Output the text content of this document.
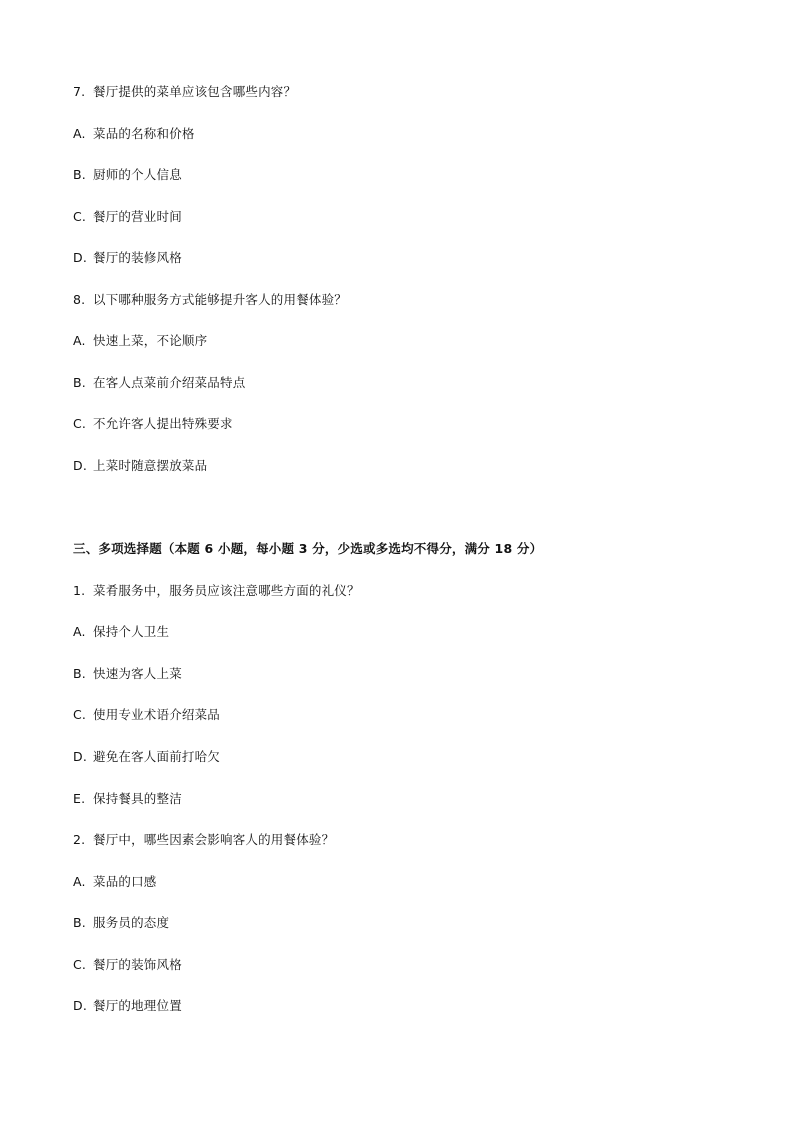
7. 餐厅提供的菜单应该包含哪些内容？
A. 菜品的名称和价格
B. 厨师的个人信息
C. 餐厅的营业时间
D. 餐厅的装修风格
8. 以下哪种服务方式能够提升客人的用餐体验？
A. 快速上菜，不论顺序
B. 在客人点菜前介绍菜品特点
C. 不允许客人提出特殊要求
D. 上菜时随意摆放菜品
三、多项选择题（本题 6 小题，每小题 3 分，少选或多选均不得分，满分 18 分）
1. 菜肴服务中，服务员应该注意哪些方面的礼仪？
A. 保持个人卫生
B. 快速为客人上菜
C. 使用专业术语介绍菜品
D. 避免在客人面前打哈欠
E. 保持餐具的整洁
2. 餐厅中，哪些因素会影响客人的用餐体验？
A. 菜品的口感
B. 服务员的态度
C. 餐厅的装饰风格
D. 餐厅的地理位置
